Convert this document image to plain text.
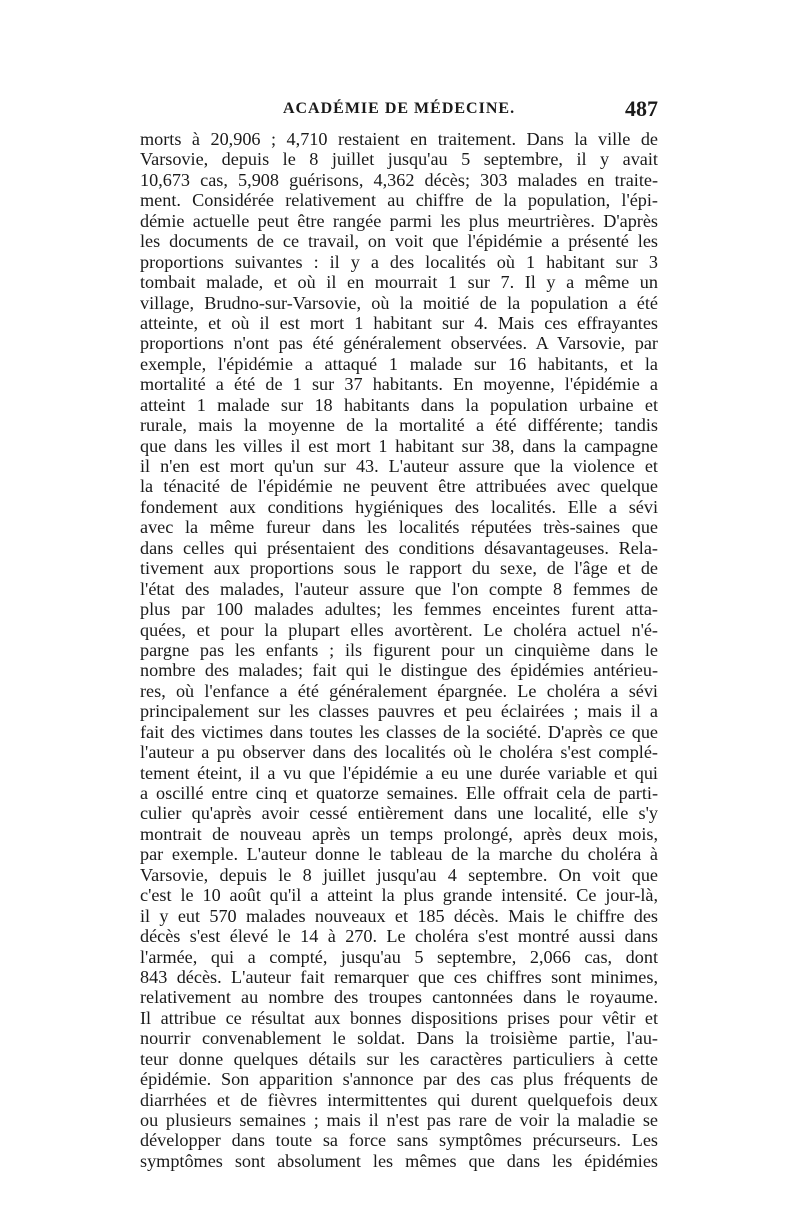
ACADÉMIE DE MÉDECINE.	487
morts à 20,906 ; 4,710 restaient en traitement. Dans la ville de
Varsovie, depuis le 8 juillet jusqu'au 5 septembre, il y avait
10,673 cas, 5,908 guérisons, 4,362 décès; 303 malades en traite-
ment. Considérée relativement au chiffre de la population, l'épi-
démie actuelle peut être rangée parmi les plus meurtrières. D'après
les documents de ce travail, on voit que l'épidémie a présenté les
proportions suivantes : il y a des localités où 1 habitant sur 3
tombait malade, et où il en mourrait 1 sur 7. Il y a même un
village, Brudno-sur-Varsovie, où la moitié de la population a été
atteinte, et où il est mort 1 habitant sur 4. Mais ces effrayantes
proportions n'ont pas été généralement observées. A Varsovie, par
exemple, l'épidémie a attaqué 1 malade sur 16 habitants, et la
mortalité a été de 1 sur 37 habitants. En moyenne, l'épidémie a
atteint 1 malade sur 18 habitants dans la population urbaine et
rurale, mais la moyenne de la mortalité a été différente; tandis
que dans les villes il est mort 1 habitant sur 38, dans la campagne
il n'en est mort qu'un sur 43. L'auteur assure que la violence et
la ténacité de l'épidémie ne peuvent être attribuées avec quelque
fondement aux conditions hygiéniques des localités. Elle a sévi
avec la même fureur dans les localités réputées très-saines que
dans celles qui présentaient des conditions désavantageuses. Rela-
tivement aux proportions sous le rapport du sexe, de l'âge et de
l'état des malades, l'auteur assure que l'on compte 8 femmes de
plus par 100 malades adultes; les femmes enceintes furent atta-
quées, et pour la plupart elles avortèrent. Le choléra actuel n'é-
pargne pas les enfants ; ils figurent pour un cinquième dans le
nombre des malades; fait qui le distingue des épidémies antérieu-
res, où l'enfance a été généralement épargnée. Le choléra a sévi
principalement sur les classes pauvres et peu éclairées ; mais il a
fait des victimes dans toutes les classes de la société. D'après ce que
l'auteur a pu observer dans des localités où le choléra s'est complé-
tement éteint, il a vu que l'épidémie a eu une durée variable et qui
a oscillé entre cinq et quatorze semaines. Elle offrait cela de parti-
culier qu'après avoir cessé entièrement dans une localité, elle s'y
montrait de nouveau après un temps prolongé, après deux mois,
par exemple. L'auteur donne le tableau de la marche du choléra à
Varsovie, depuis le 8 juillet jusqu'au 4 septembre. On voit que
c'est le 10 août qu'il a atteint la plus grande intensité. Ce jour-là,
il y eut 570 malades nouveaux et 185 décès. Mais le chiffre des
décès s'est élevé le 14 à 270. Le choléra s'est montré aussi dans
l'armée, qui a compté, jusqu'au 5 septembre, 2,066 cas, dont
843 décès. L'auteur fait remarquer que ces chiffres sont minimes,
relativement au nombre des troupes cantonnées dans le royaume.
Il attribue ce résultat aux bonnes dispositions prises pour vêtir et
nourrir convenablement le soldat. Dans la troisième partie, l'au-
teur donne quelques détails sur les caractères particuliers à cette
épidémie. Son apparition s'annonce par des cas plus fréquents de
diarrhées et de fièvres intermittentes qui durent quelquefois deux
ou plusieurs semaines ; mais il n'est pas rare de voir la maladie se
développer dans toute sa force sans symptômes précurseurs. Les
symptômes sont absolument les mêmes que dans les épidémies
